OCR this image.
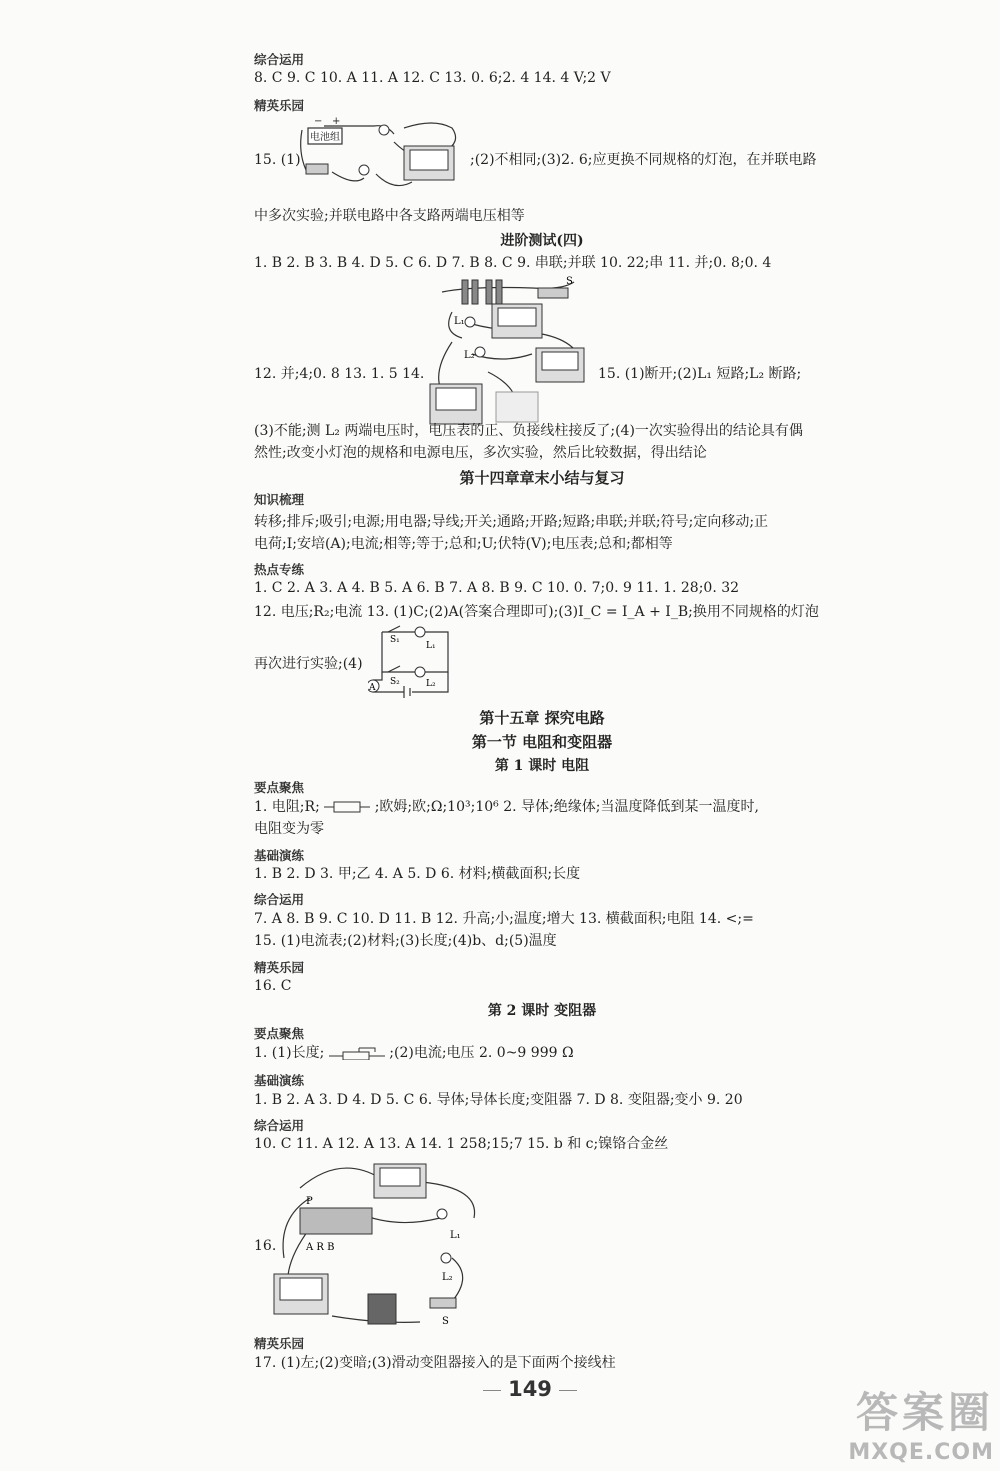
综合运用
8. C 9. C 10. A 11. A 12. C 13. 0. 6;2. 4 14. 4 V;2 V
精英乐园
15. (1)
电池组
− +
;(2)不相同;(3)2. 6;应更换不同规格的灯泡，在并联电路
中多次实验;并联电路中各支路两端电压相等
进阶测试(四)
1. B 2. B 3. B 4. D 5. C 6. D 7. B 8. C 9. 串联;并联 10. 22;串 11. 并;0. 8;0. 4
S
L₁
L₂
12. 并;4;0. 8 13. 1. 5 14.	15. (1)断开;(2)L₁ 短路;L₂ 断路;
(3)不能;测 L₂ 两端电压时，电压表的正、负接线柱接反了;(4)一次实验得出的结论具有偶
然性;改变小灯泡的规格和电源电压，多次实验，然后比较数据，得出结论
第十四章章末小结与复习
知识梳理
转移;排斥;吸引;电源;用电器;导线;开关;通路;开路;短路;串联;并联;符号;定向移动;正
电荷;I;安培(A);电流;相等;等于;总和;U;伏特(V);电压表;总和;都相等
热点专练
1. C 2. A 3. A 4. B 5. A 6. B 7. A 8. B 9. C 10. 0. 7;0. 9 11. 1. 28;0. 32
12. 电压;R₂;电流 13. (1)C;(2)A(答案合理即可);(3)I_C = I_A + I_B;换用不同规格的灯泡
A
L₁
L₂
S₁
S₂
再次进行实验;(4)
第十五章 探究电路
第一节 电阻和变阻器
第 1 课时 电阻
要点聚焦
1. 电阻;R;	;欧姆;欧;Ω;10³;10⁶ 2. 导体;绝缘体;当温度降低到某一温度时,
电阻变为零
基础演练
1. B 2. D 3. 甲;乙 4. A 5. D 6. 材料;横截面积;长度
综合运用
7. A 8. B 9. C 10. D 11. B 12. 升高;小;温度;增大 13. 横截面积;电阻 14. <;=
15. (1)电流表;(2)材料;(3)长度;(4)b、d;(5)温度
精英乐园
16. C
第 2 课时 变阻器
要点聚焦
1. (1)长度;	;(2)电流;电压 2. 0~9 999 Ω
基础演练
1. B 2. A 3. D 4. D 5. C 6. 导体;导体长度;变阻器 7. D 8. 变阻器;变小 9. 20
综合运用
10. C 11. A 12. A 13. A 14. 1 258;15;7 15. b 和 c;镍铬合金丝
P
A R B
L₁
L₂
S
16.
精英乐园
17. (1)左;(2)变暗;(3)滑动变阻器接入的是下面两个接线柱
149	答案圈
MXQE.COM
